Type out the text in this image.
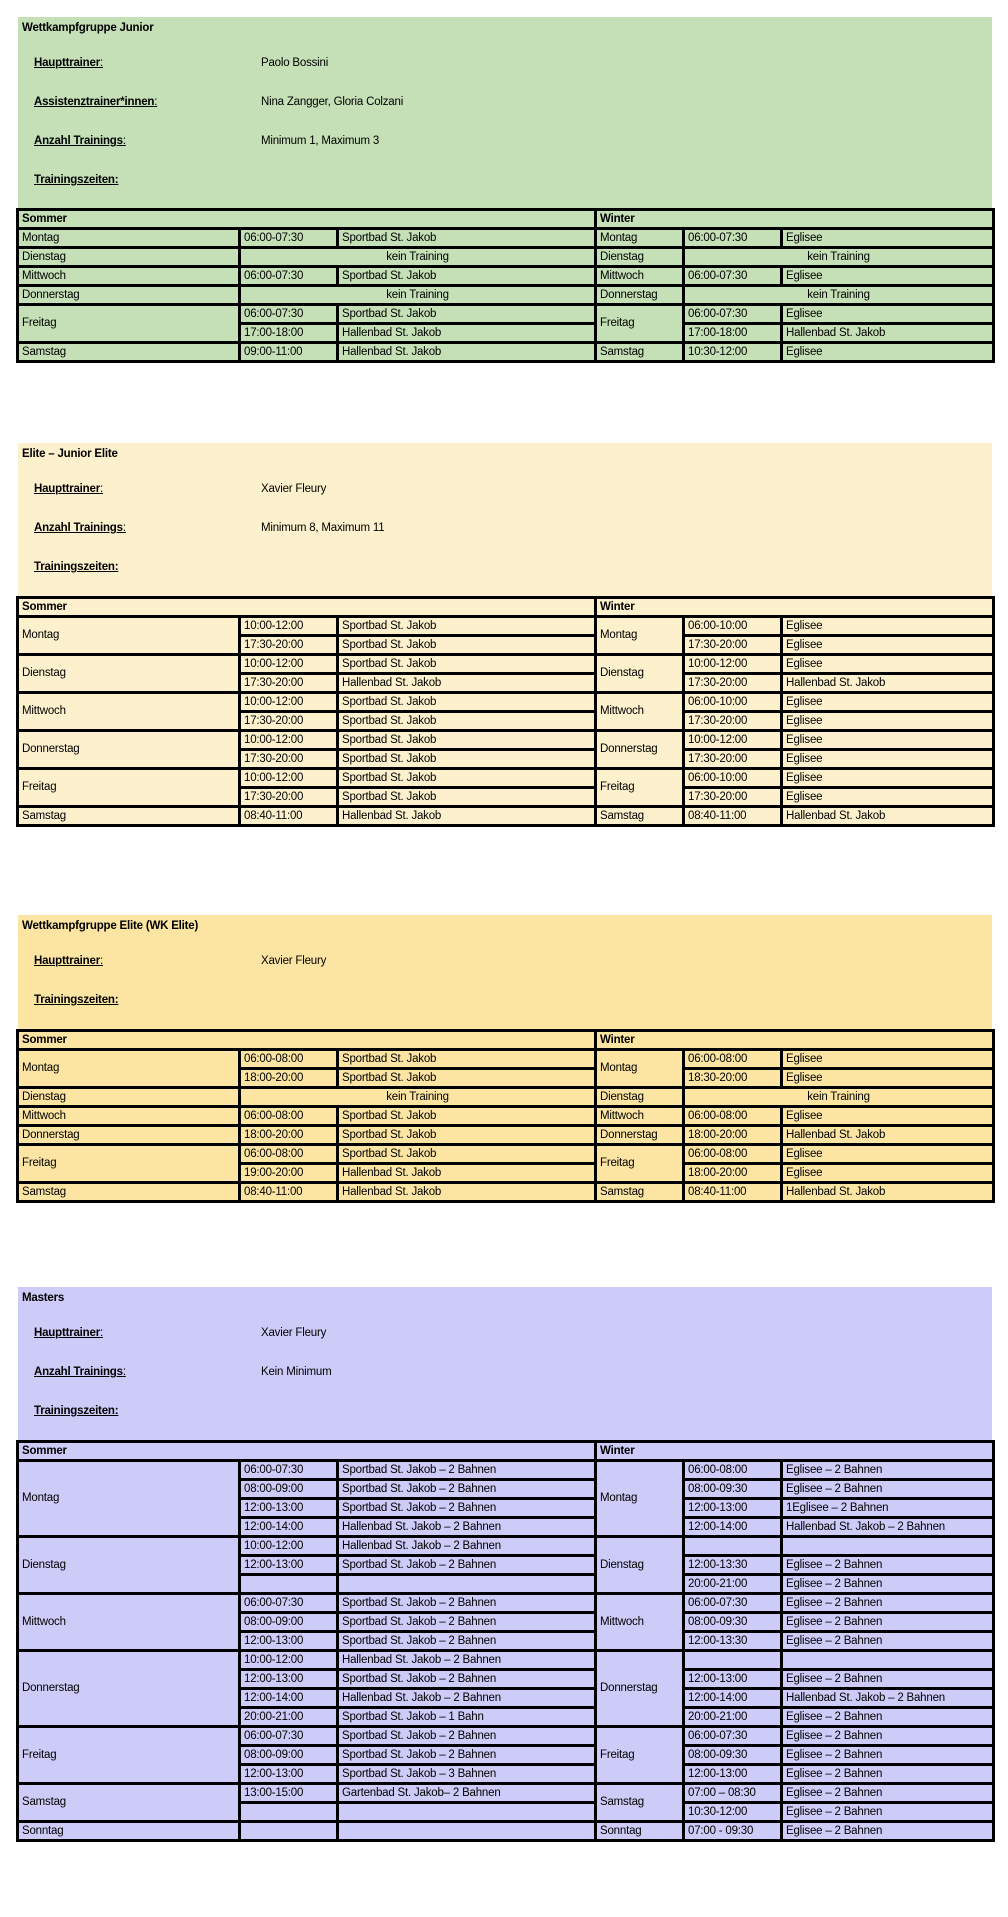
Wettkampfgruppe Junior
Haupttrainer:	Paolo Bossini
Assistenztrainer*innen:	Nina Zangger, Gloria Colzani
Anzahl Trainings:	Minimum 1, Maximum 3
Trainingszeiten:
Sommer			Winter		
Montag	06:00-07:30	Sportbad St. Jakob	Montag	06:00-07:30	Eglisee
Dienstag	kein Training		Dienstag	kein Training	
Mittwoch	06:00-07:30	Sportbad St. Jakob	Mittwoch	06:00-07:30	Eglisee
Donnerstag	kein Training		Donnerstag	kein Training	
Freitag	06:00-07:30	Sportbad St. Jakob	Freitag	06:00-07:30	Eglisee
	17:00-18:00	Hallenbad St. Jakob		17:00-18:00	Hallenbad St. Jakob
Samstag	09:00-11:00	Hallenbad St. Jakob	Samstag	10:30-12:00	Eglisee
Elite – Junior Elite
Haupttrainer:	Xavier Fleury
Anzahl Trainings:	Minimum 8, Maximum 11
Trainingszeiten:
Sommer			Winter		
Montag	10:00-12:00	Sportbad St. Jakob	Montag	06:00-10:00	Eglisee
	17:30-20:00	Sportbad St. Jakob		17:30-20:00	Eglisee
Dienstag	10:00-12:00	Sportbad St. Jakob	Dienstag	10:00-12:00	Eglisee
	17:30-20:00	Hallenbad St. Jakob		17:30-20:00	Hallenbad St. Jakob
Mittwoch	10:00-12:00	Sportbad St. Jakob	Mittwoch	06:00-10:00	Eglisee
	17:30-20:00	Sportbad St. Jakob		17:30-20:00	Eglisee
Donnerstag	10:00-12:00	Sportbad St. Jakob	Donnerstag	10:00-12:00	Eglisee
	17:30-20:00	Sportbad St. Jakob		17:30-20:00	Eglisee
Freitag	10:00-12:00	Sportbad St. Jakob	Freitag	06:00-10:00	Eglisee
	17:30-20:00	Sportbad St. Jakob		17:30-20:00	Eglisee
Samstag	08:40-11:00	Hallenbad St. Jakob	Samstag	08:40-11:00	Hallenbad St. Jakob
Wettkampfgruppe Elite (WK Elite)
Haupttrainer:	Xavier Fleury
Trainingszeiten:
Sommer			Winter		
Montag	06:00-08:00	Sportbad St. Jakob	Montag	06:00-08:00	Eglisee
	18:00-20:00	Sportbad St. Jakob		18:30-20:00	Eglisee
Dienstag	kein Training		Dienstag	kein Training	
Mittwoch	06:00-08:00	Sportbad St. Jakob	Mittwoch	06:00-08:00	Eglisee
Donnerstag	18:00-20:00	Sportbad St. Jakob	Donnerstag	18:00-20:00	Hallenbad St. Jakob
Freitag	06:00-08:00	Sportbad St. Jakob	Freitag	06:00-08:00	Eglisee
	19:00-20:00	Hallenbad St. Jakob		18:00-20:00	Eglisee
Samstag	08:40-11:00	Hallenbad St. Jakob	Samstag	08:40-11:00	Hallenbad St. Jakob
Masters
Haupttrainer:	Xavier Fleury
Anzahl Trainings:	Kein Minimum
Trainingszeiten:
Sommer			Winter		
Montag	06:00-07:30	Sportbad St. Jakob – 2 Bahnen	Montag	06:00-08:00	Eglisee – 2 Bahnen
	08:00-09:00	Sportbad St. Jakob – 2 Bahnen		08:00-09:30	Eglisee – 2 Bahnen
	12:00-13:00	Sportbad St. Jakob – 2 Bahnen		12:00-13:00	1Eglisee – 2 Bahnen
	12:00-14:00	Hallenbad St. Jakob – 2 Bahnen		12:00-14:00	Hallenbad St. Jakob – 2 Bahnen
Dienstag	10:00-12:00	Hallenbad St. Jakob – 2 Bahnen	Dienstag		
	12:00-13:00	Sportbad St. Jakob – 2 Bahnen		12:00-13:30	Eglisee – 2 Bahnen
				20:00-21:00	Eglisee – 2 Bahnen
Mittwoch	06:00-07:30	Sportbad St. Jakob – 2 Bahnen	Mittwoch	06:00-07:30	Eglisee – 2 Bahnen
	08:00-09:00	Sportbad St. Jakob – 2 Bahnen		08:00-09:30	Eglisee – 2 Bahnen
	12:00-13:00	Sportbad St. Jakob – 2 Bahnen		12:00-13:30	Eglisee – 2 Bahnen
Donnerstag	10:00-12:00	Hallenbad St. Jakob – 2 Bahnen	Donnerstag		
	12:00-13:00	Sportbad St. Jakob – 2 Bahnen		12:00-13:00	Eglisee – 2 Bahnen
	12:00-14:00	Hallenbad St. Jakob – 2 Bahnen		12:00-14:00	Hallenbad St. Jakob – 2 Bahnen
	20:00-21:00	Sportbad St. Jakob – 1 Bahn		20:00-21:00	Eglisee – 2 Bahnen
Freitag	06:00-07:30	Sportbad St. Jakob – 2 Bahnen	Freitag	06:00-07:30	Eglisee – 2 Bahnen
	08:00-09:00	Sportbad St. Jakob – 2 Bahnen		08:00-09:30	Eglisee – 2 Bahnen
	12:00-13:00	Sportbad St. Jakob – 3 Bahnen		12:00-13:00	Eglisee – 2 Bahnen
Samstag	13:00-15:00	Gartenbad St. Jakob– 2 Bahnen	Samstag	07:00 – 08:30	Eglisee – 2 Bahnen
				10:30-12:00	Eglisee – 2 Bahnen
Sonntag			Sonntag	07:00 - 09:30	Eglisee – 2 Bahnen
